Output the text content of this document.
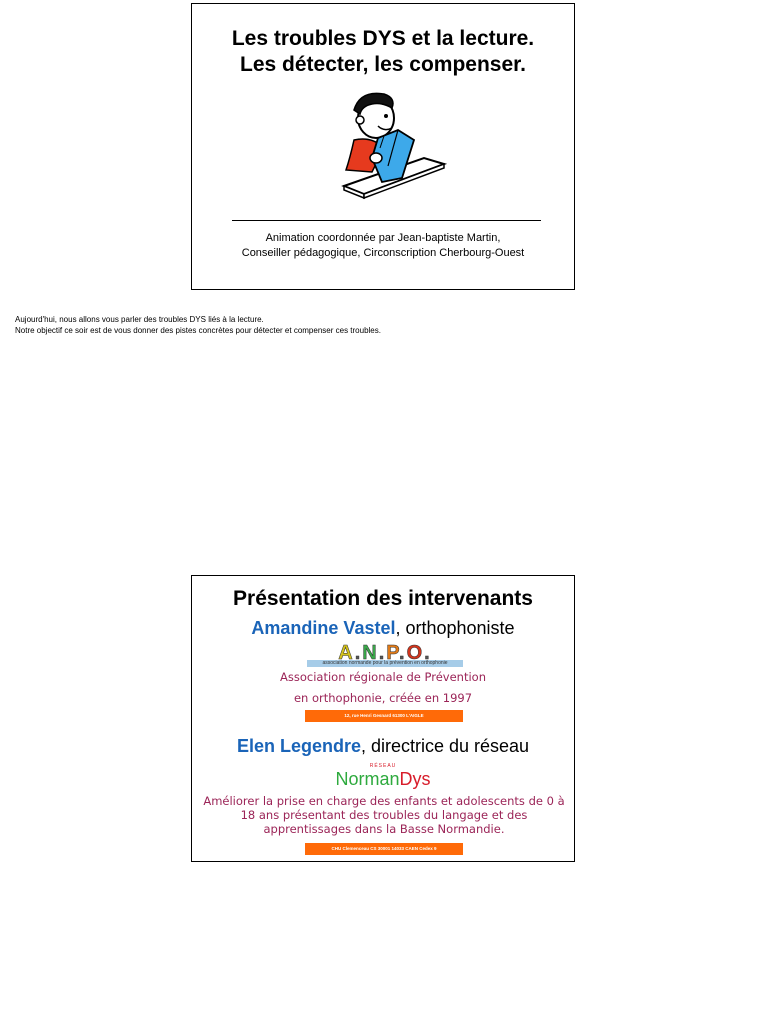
Les troubles DYS et la lecture.
Les détecter, les compenser.
Animation coordonnée par Jean-baptiste Martin,
Conseiller pédagogique, Circonscription Cherbourg-Ouest
Aujourd'hui, nous allons vous parler des troubles DYS liés à la lecture.
Notre objectif ce soir est de vous donner des pistes concrètes pour détecter et compenser ces troubles.
Présentation des intervenants
Amandine Vastel, orthophoniste
association normande pour la prévention en orthophonie
A.N.P.O.
Association régionale de Prévention
en orthophonie, créée en 1997
12, rue Henri Gesnard 61300 L'AIGLE
Elen Legendre, directrice du réseau
RÉSEAU
NormanDys
Améliorer la prise en charge des enfants et adolescents de 0 à 18 ans présentant des troubles du langage et des apprentissages dans la Basse Normandie.
CHU Clemenceau CS 30001 14033 CAEN Cedex 9
